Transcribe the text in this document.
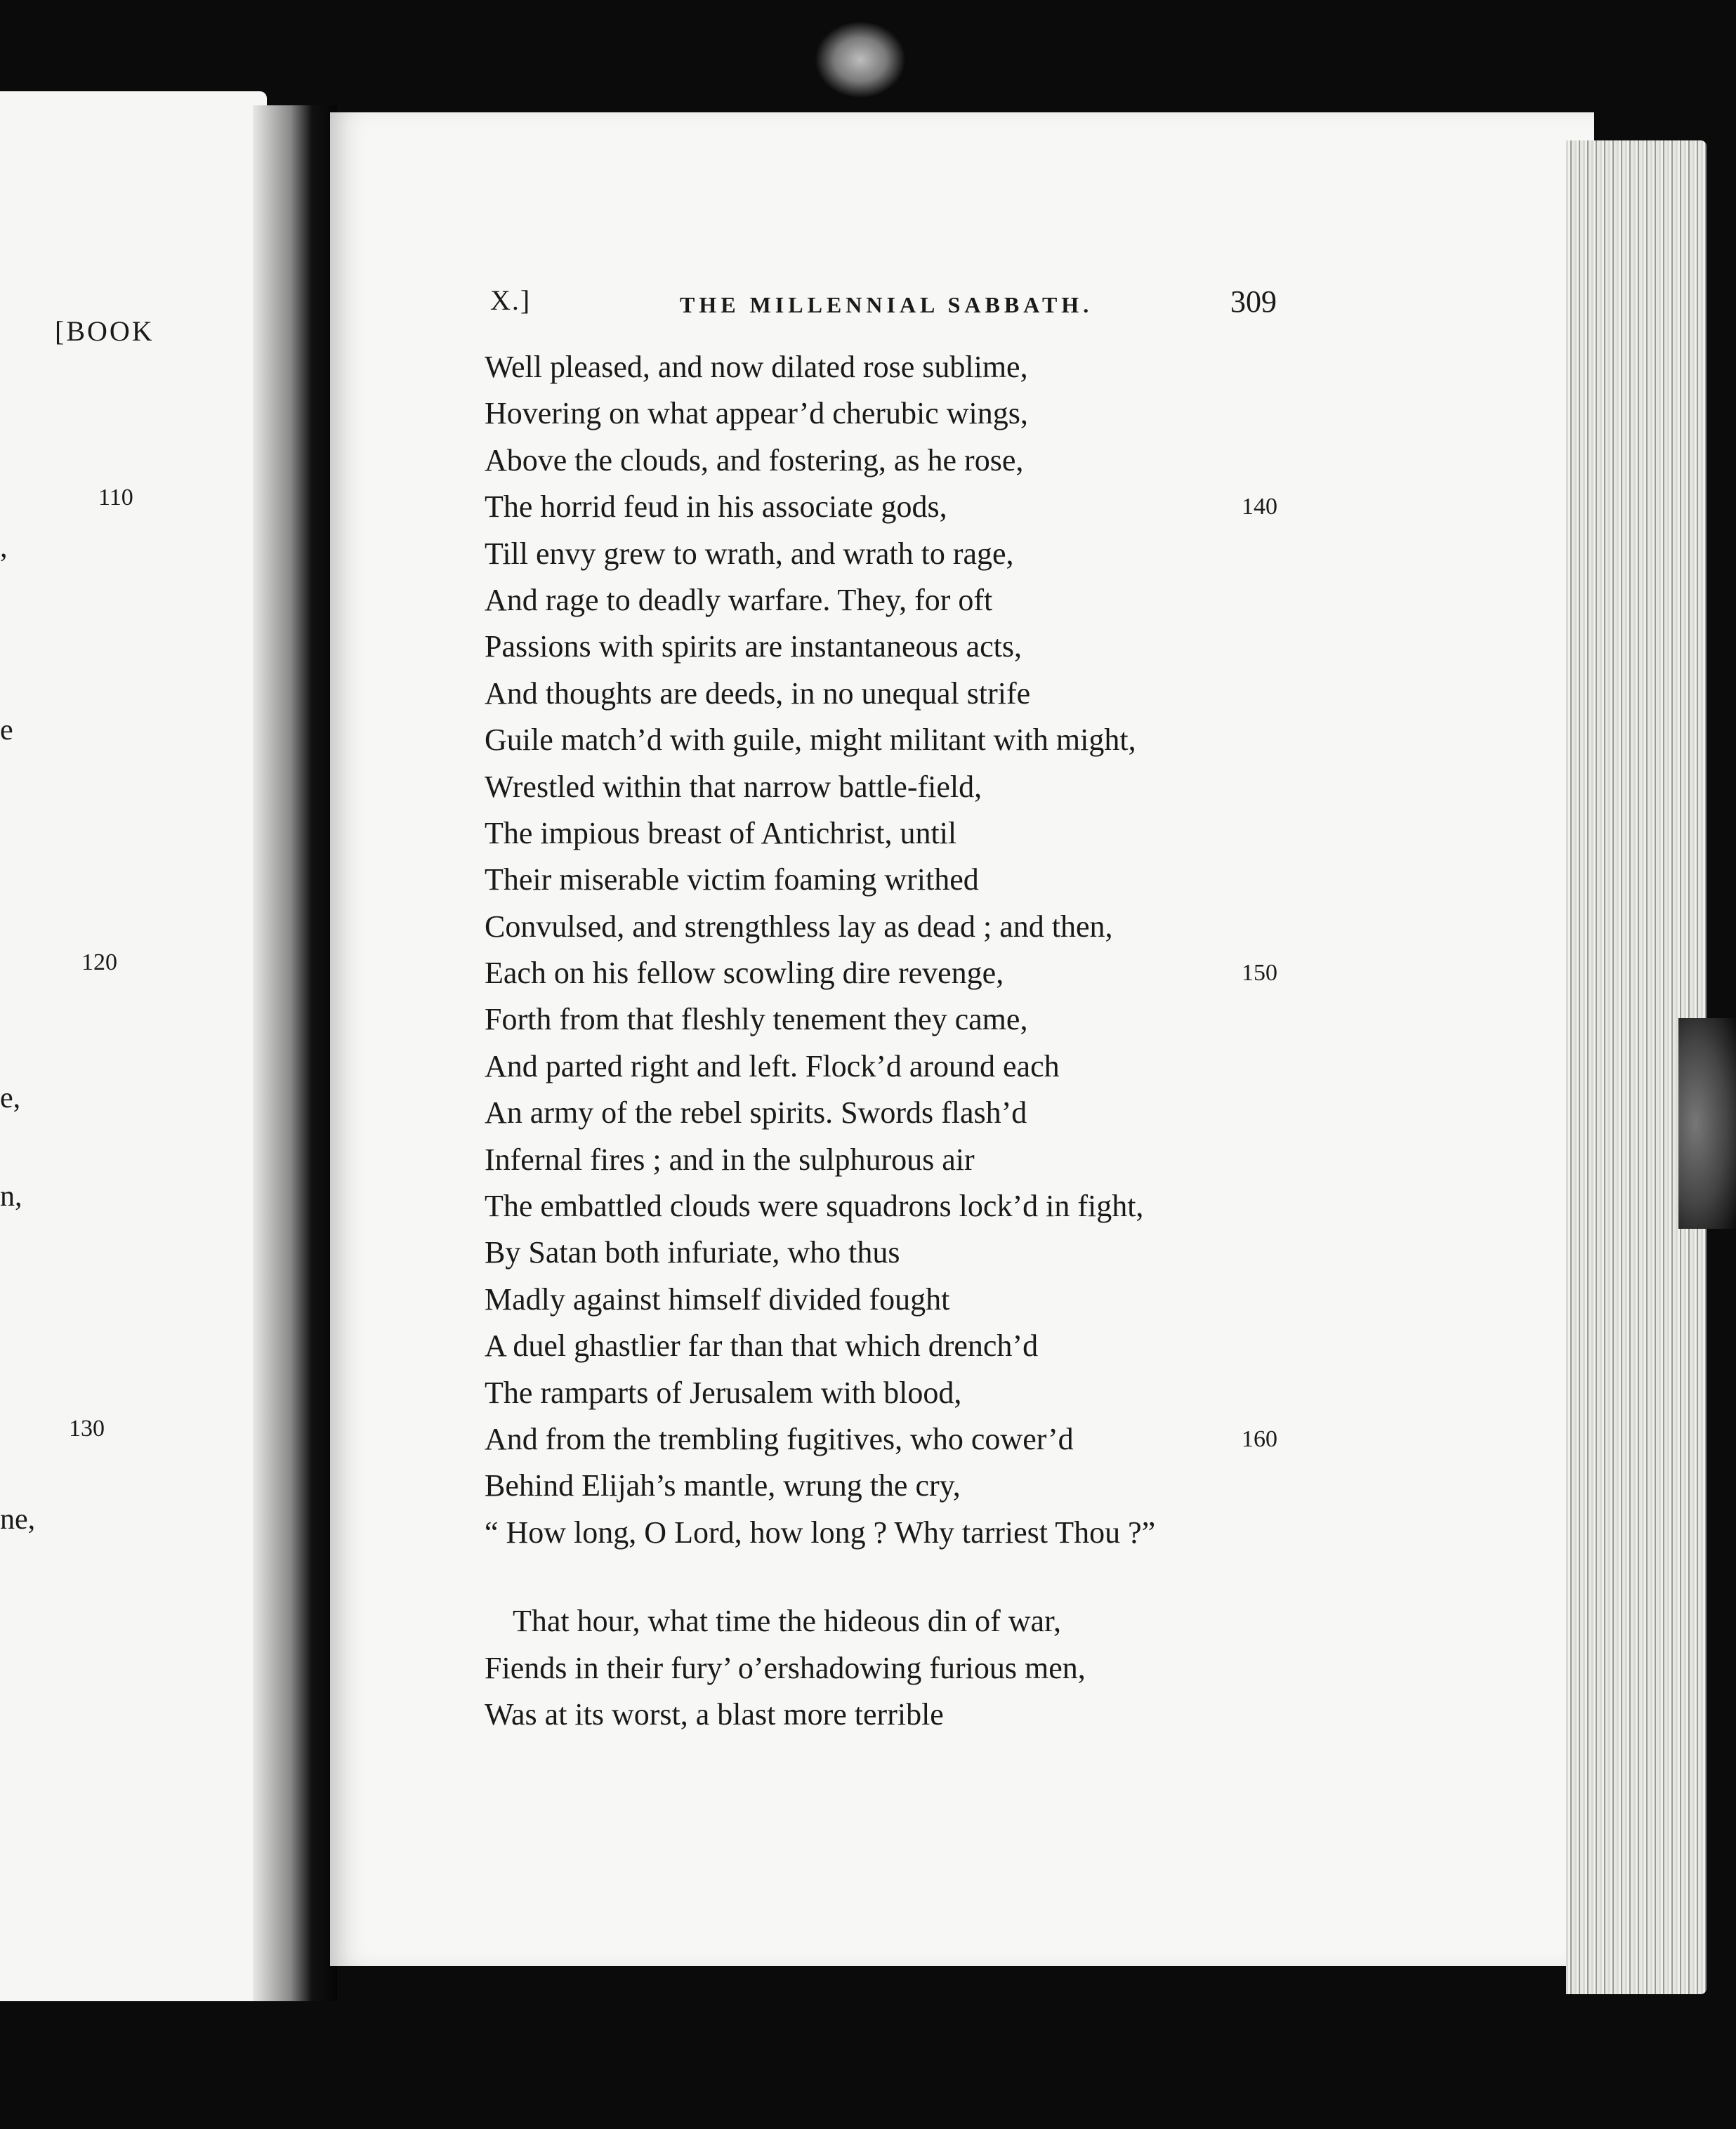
[BOOK
110
120
130
,
e
e,
n,
ne,
X.]	THE MILLENNIAL SABBATH.	309
Well pleased, and now dilated rose sublime,
Hovering on what appear’d cherubic wings,
Above the clouds, and fostering, as he rose,
The horrid feud in his associate gods,	140
Till envy grew to wrath, and wrath to rage,
And rage to deadly warfare. They, for oft
Passions with spirits are instantaneous acts,
And thoughts are deeds, in no unequal strife
Guile match’d with guile, might militant with might,
Wrestled within that narrow battle-field,
The impious breast of Antichrist, until
Their miserable victim foaming writhed
Convulsed, and strengthless lay as dead ; and then,
Each on his fellow scowling dire revenge,	150
Forth from that fleshly tenement they came,
And parted right and left. Flock’d around each
An army of the rebel spirits. Swords flash’d
Infernal fires ; and in the sulphurous air
The embattled clouds were squadrons lock’d in fight,
By Satan both infuriate, who thus
Madly against himself divided fought
A duel ghastlier far than that which drench’d
The ramparts of Jerusalem with blood,
And from the trembling fugitives, who cower’d	160
Behind Elijah’s mantle, wrung the cry,
“ How long, O Lord, how long ? Why tarriest Thou ?”
That hour, what time the hideous din of war,
Fiends in their fury’ o’ershadowing furious men,
Was at its worst, a blast more terrible
